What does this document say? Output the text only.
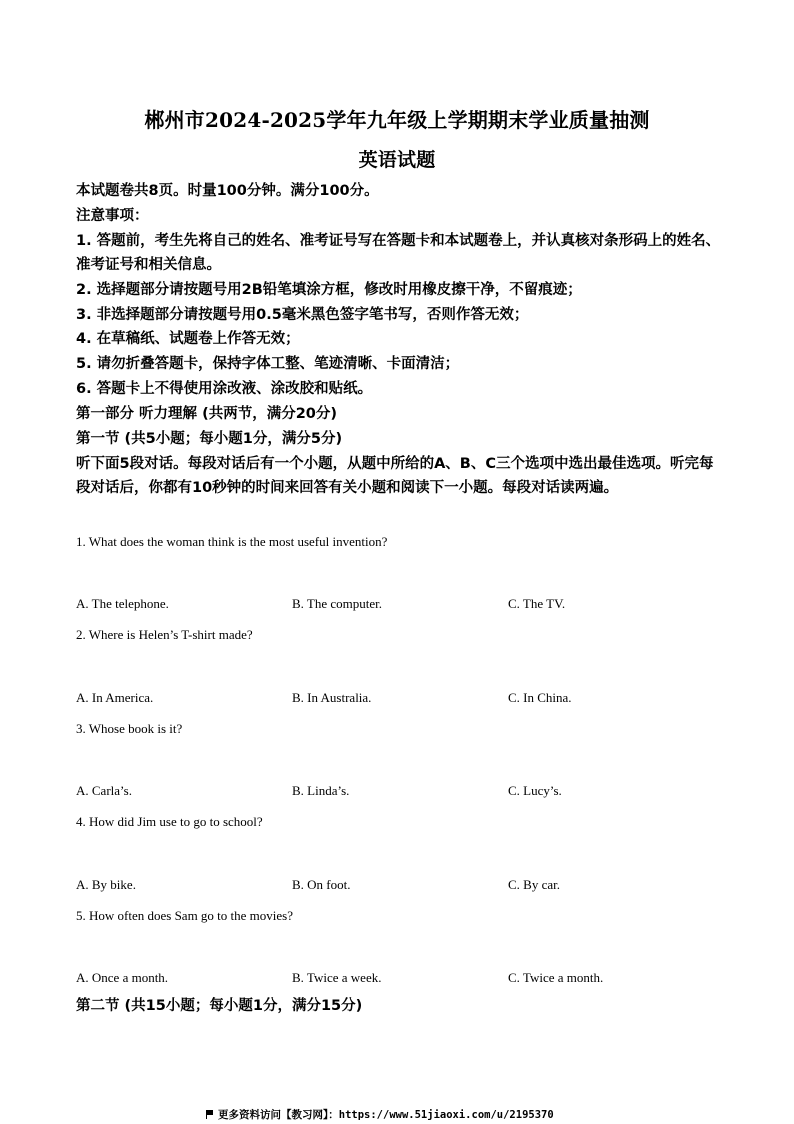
郴州市2024-2025学年九年级上学期期末学业质量抽测
英语试题
本试题卷共8页。时量100分钟。满分100分。
注意事项：
1. 答题前，考生先将自己的姓名、准考证号写在答题卡和本试题卷上，并认真核对条形码上的姓名、准考证号和相关信息。
2. 选择题部分请按题号用2B铅笔填涂方框，修改时用橡皮擦干净，不留痕迹；
3. 非选择题部分请按题号用0.5毫米黑色签字笔书写，否则作答无效；
4. 在草稿纸、试题卷上作答无效；
5. 请勿折叠答题卡，保持字体工整、笔迹清晰、卡面清洁；
6. 答题卡上不得使用涂改液、涂改胶和贴纸。
第一部分 听力理解 (共两节，满分20分)
第一节 (共5小题；每小题1分，满分5分)
听下面5段对话。每段对话后有一个小题，从题中所给的A、B、C三个选项中选出最佳选项。听完每段对话后，你都有10秒钟的时间来回答有关小题和阅读下一小题。每段对话读两遍。
1. What does the woman think is the most useful invention?
A. The telephone.	B. The computer.	C. The TV.
2. Where is Helen’s T-shirt made?
A. In America.	B. In Australia.	C. In China.
3. Whose book is it?
A. Carla’s.	B. Linda’s.	C. Lucy’s.
4. How did Jim use to go to school?
A. By bike.	B. On foot.	C. By car.
5. How often does Sam go to the movies?
A. Once a month.	B. Twice a week.	C. Twice a month.
第二节 (共15小题；每小题1分，满分15分)
更多资料访问【教习网】：https://www.51jiaoxi.com/u/2195370
